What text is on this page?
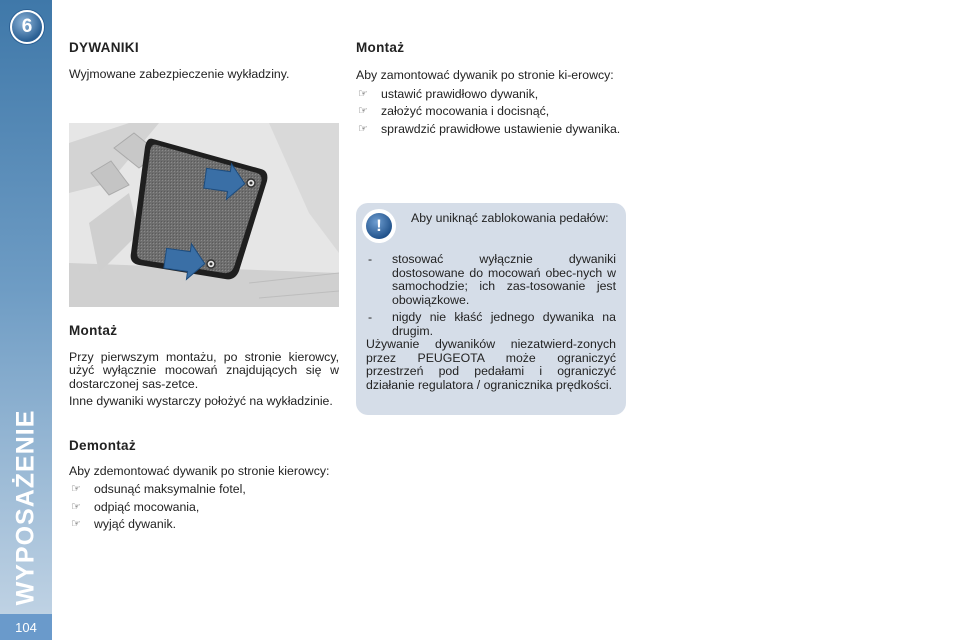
6
WYPOSAŻENIE
104
DYWANIKI

Wyjmowane zabezpieczenie wykładziny.

Montaż

Przy pierwszym montażu, po stronie kierowcy, użyć wyłącznie mocowań znajdujących się w dostarczonej sas-zetce.

Inne dywaniki wystarczy położyć na wykładzinie.

Demontaż

Aby zdemontować dywanik po stronie kierowcy:

☞ odsunąć maksymalnie fotel,
☞ odpiąć mocowania,
☞ wyjąć dywanik.
Montaż

Aby zamontować dywanik po stronie ki-erowcy:

☞ ustawić prawidłowo dywanik,
☞ założyć mocowania i docisnąć,
☞ sprawdzić prawidłowe ustawienie dywanika.
!	Aby uniknąć zablokowania pedałów:
- stosować wyłącznie dywaniki dostosowane do mocowań obec-nych w samochodzie; ich zas-tosowanie jest obowiązkowe.
- nigdy nie kłaść jednego dywanika na drugim.

Używanie dywaników niezatwierd-zonych przez PEUGEOTA może ograniczyć przestrzeń pod pedałami i ograniczyć działanie regulatora / ogranicznika prędkości.
